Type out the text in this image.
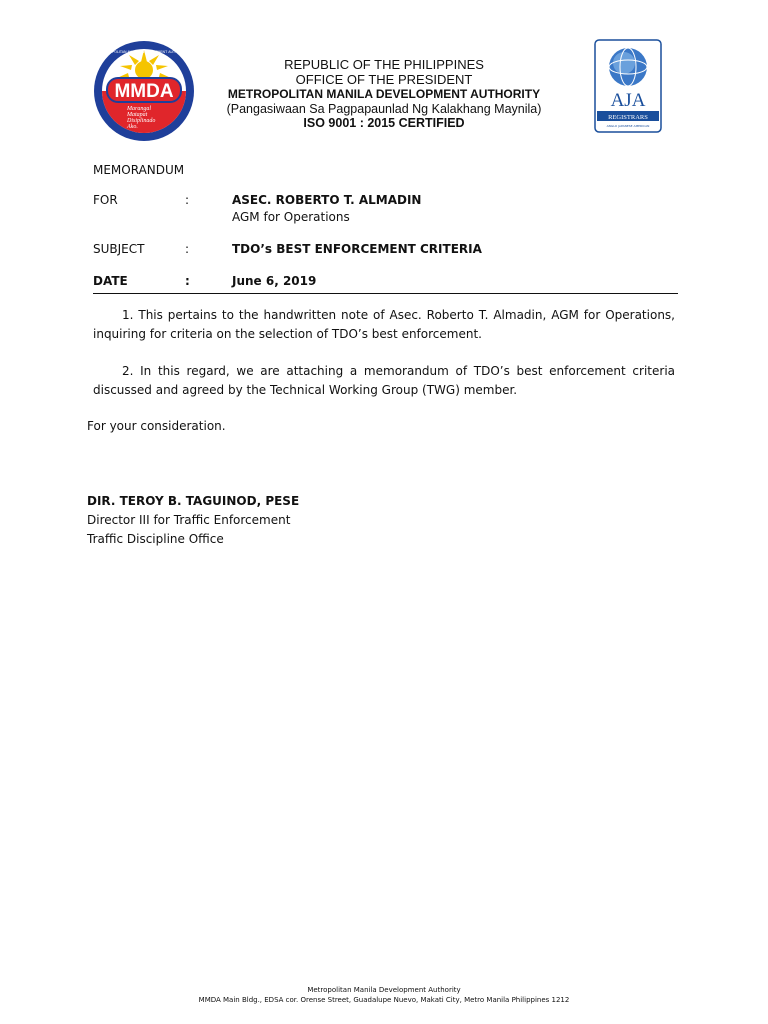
MMDA
METROPOLITAN MANILA DEVELOPMENT AUTHORITY
Marangal
Matapat
Disiplinado
Ako.
REPUBLIC OF THE PHILIPPINES
OFFICE OF THE PRESIDENT
METROPOLITAN MANILA DEVELOPMENT AUTHORITY
(Pangasiwaan Sa Pagpapaunlad Ng Kalakhang Maynila)
ISO 9001 : 2015 CERTIFIED
AJA
REGISTRARS
ANGLO JAPANESE AMERICAN
MEMORANDUM
FOR	:	ASEC. ROBERTO T. ALMADIN
AGM for Operations
SUBJECT	:	TDO’s BEST ENFORCEMENT CRITERIA
DATE	:	June 6, 2019
1. This pertains to the handwritten note of Asec. Roberto T. Almadin, AGM for Operations, inquiring for criteria on the selection of TDO’s best enforcement.
2. In this regard, we are attaching a memorandum of TDO’s best enforcement criteria discussed and agreed by the Technical Working Group (TWG) member.
For your consideration.
DIR. TEROY B. TAGUINOD, PESE
Director III for Traffic Enforcement
Traffic Discipline Office
Metropolitan Manila Development Authority
MMDA Main Bldg., EDSA cor. Orense Street, Guadalupe Nuevo, Makati City, Metro Manila Philippines 1212
